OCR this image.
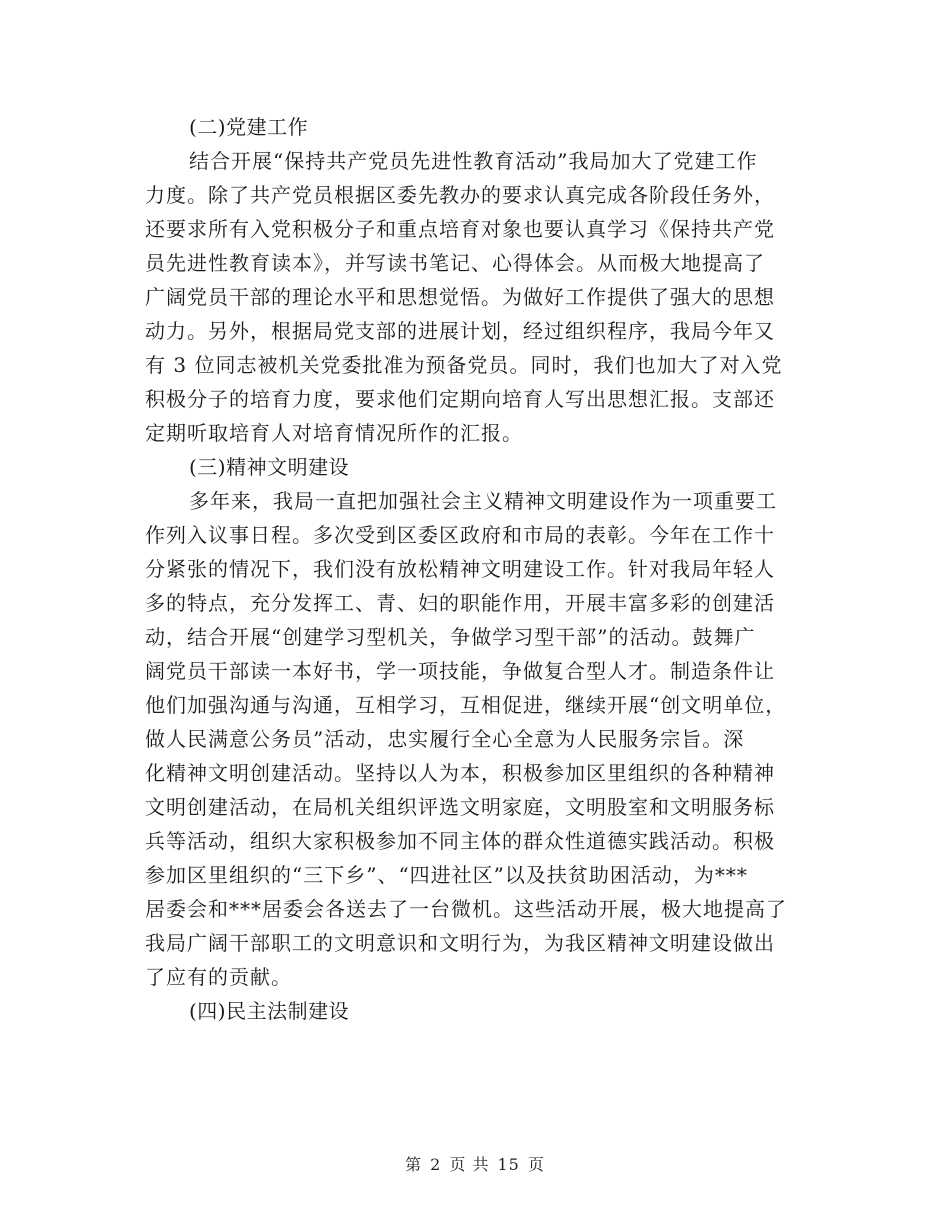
(二)党建工作

结合开展“保持共产党员先进性教育活动”我局加大了党建工作
力度。除了共产党员根据区委先教办的要求认真完成各阶段任务外，
还要求所有入党积极分子和重点培育对象也要认真学习《保持共产党
员先进性教育读本》，并写读书笔记、心得体会。从而极大地提高了
广阔党员干部的理论水平和思想觉悟。为做好工作提供了强大的思想
动力。另外，根据局党支部的进展计划，经过组织程序，我局今年又
有 3 位同志被机关党委批准为预备党员。同时，我们也加大了对入党
积极分子的培育力度，要求他们定期向培育人写出思想汇报。支部还
定期听取培育人对培育情况所作的汇报。

(三)精神文明建设

多年来，我局一直把加强社会主义精神文明建设作为一项重要工
作列入议事日程。多次受到区委区政府和市局的表彰。今年在工作十
分紧张的情况下，我们没有放松精神文明建设工作。针对我局年轻人
多的特点，充分发挥工、青、妇的职能作用，开展丰富多彩的创建活
动，结合开展“创建学习型机关，争做学习型干部”的活动。鼓舞广
阔党员干部读一本好书，学一项技能，争做复合型人才。制造条件让
他们加强沟通与沟通，互相学习，互相促进，继续开展“创文明单位，
做人民满意公务员”活动，忠实履行全心全意为人民服务宗旨。深
化精神文明创建活动。坚持以人为本，积极参加区里组织的各种精神
文明创建活动，在局机关组织评选文明家庭，文明股室和文明服务标
兵等活动，组织大家积极参加不同主体的群众性道德实践活动。积极
参加区里组织的“三下乡”、“四进社区”以及扶贫助困活动，为***
居委会和***居委会各送去了一台微机。这些活动开展，极大地提高了
我局广阔干部职工的文明意识和文明行为，为我区精神文明建设做出
了应有的贡献。

(四)民主法制建设

第 2 页 共 15 页
